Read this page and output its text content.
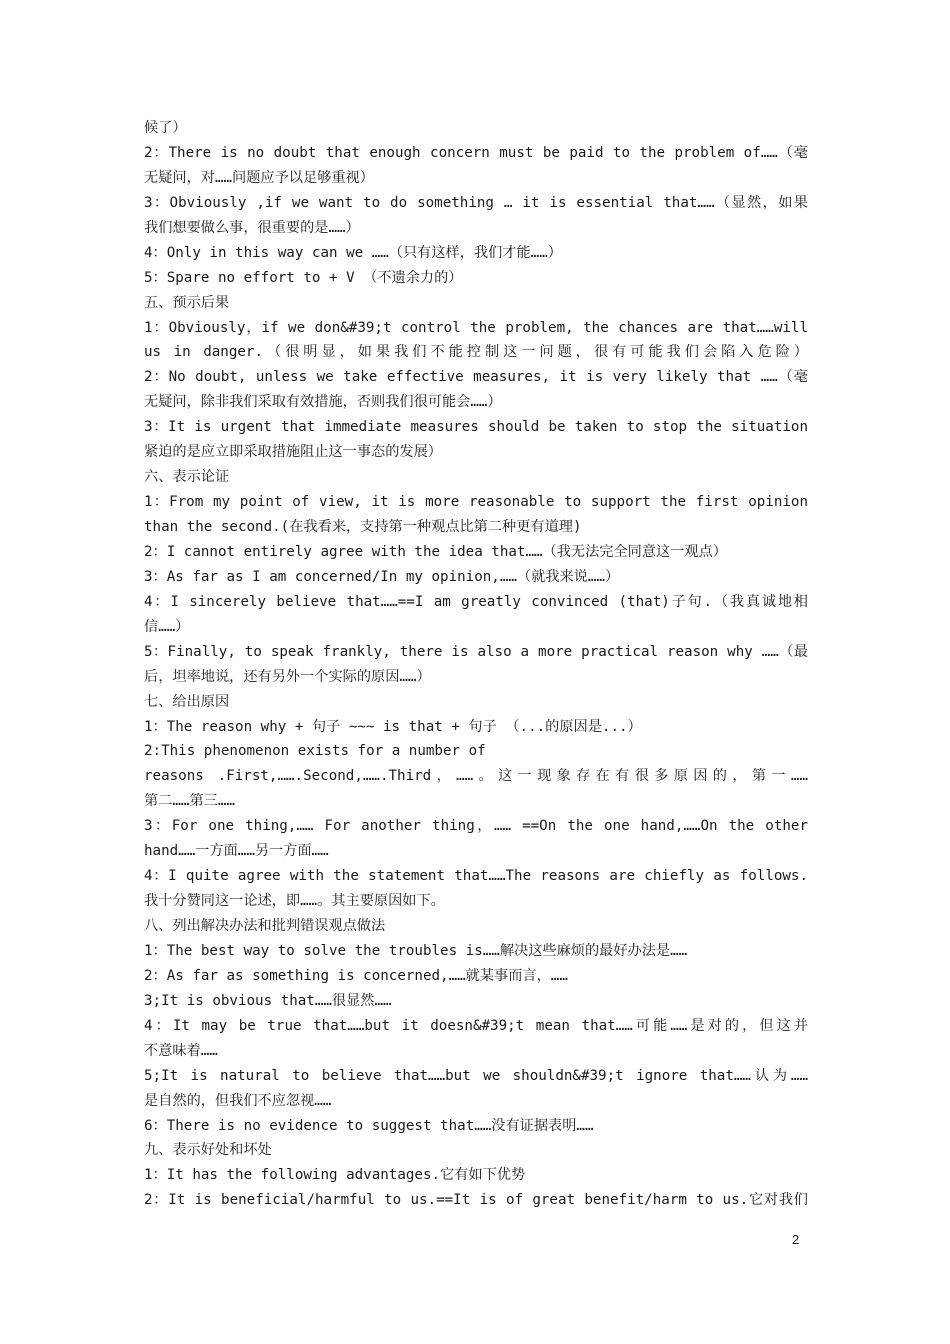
候了）
2：There is no doubt that enough concern must be paid to the problem of……（毫
无疑问，对……问题应予以足够重视）
3：Obviously ,if we want to do something … it is essential that……（显然，如果
我们想要做么事，很重要的是……）
4：Only in this way can we ……（只有这样，我们才能……）
5：Spare no effort to + V （不遗余力的）
五、预示后果
1：Obviously，if we don&#39;t control the problem, the chances are that……will
us in danger.（很明显，如果我们不能控制这一问题，很有可能我们会陷入危险）
2：No doubt, unless we take effective measures, it is very likely that ……（毫
无疑问，除非我们采取有效措施，否则我们很可能会……）
3：It is urgent that immediate measures should be taken to stop the situation
紧迫的是应立即采取措施阻止这一事态的发展）
六、表示论证
1：From my point of view, it is more reasonable to support the first opinion
than the second.(在我看来，支持第一种观点比第二种更有道理)
2：I cannot entirely agree with the idea that……（我无法完全同意这一观点）
3：As far as I am concerned/In my opinion,……（就我来说……）
4：I sincerely believe that……==I am greatly convinced (that)子句.（我真诚地相
信……）
5：Finally, to speak frankly, there is also a more practical reason why ……（最
后，坦率地说，还有另外一个实际的原因……）
七、给出原因
1：The reason why + 句子 ~~~ is that + 句子 （...的原因是...）
2:This phenomenon exists for a number of
reasons .First,…….Second,…….Third，……。这一现象存在有很多原因的，第一……
第二……第三……
3：For one thing,…… For another thing，…… ==On the one hand,……On the other
hand……一方面……另一方面……
4：I quite agree with the statement that……The reasons are chiefly as follows.
我十分赞同这一论述，即……。其主要原因如下。
八、列出解决办法和批判错误观点做法
1：The best way to solve the troubles is……解决这些麻烦的最好办法是……
2：As far as something is concerned,……就某事而言，……
3;It is obvious that……很显然……
4：It may be true that……but it doesn&#39;t mean that……可能……是对的，但这并
不意味着……
5;It is natural to believe that……but we shouldn&#39;t ignore that……认为……
是自然的，但我们不应忽视……
6：There is no evidence to suggest that……没有证据表明……
九、表示好处和坏处
1：It has the following advantages.它有如下优势
2：It is beneficial/harmful to us.==It is of great benefit/harm to us.它对我们
2
